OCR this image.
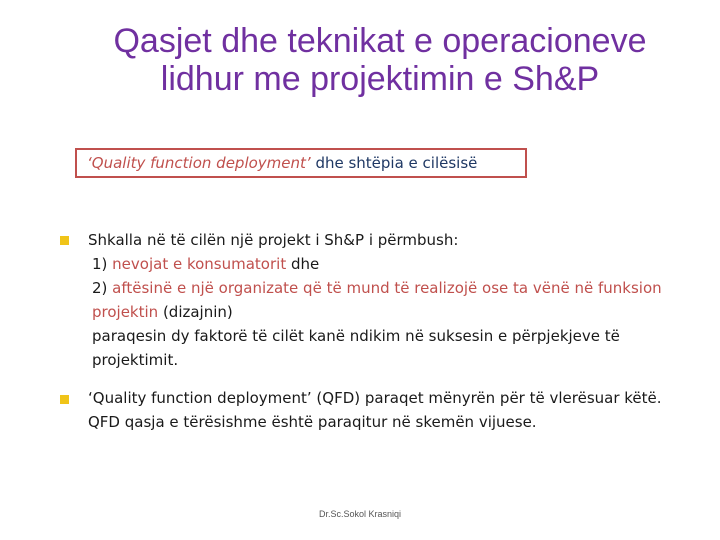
Qasjet dhe teknikat e operacioneve
lidhur me projektimin e Sh&P
‘Quality function deployment’ dhe shtëpia e cilësisë
Shkalla në të cilën një projekt i Sh&P i përmbush:
1) nevojat e konsumatorit dhe
2) aftësinë e një organizate që të mund të realizojë ose ta vënë në funksion projektin (dizajnin)
paraqesin dy faktorë të cilët kanë ndikim në suksesin e përpjekjeve të projektimit.
‘Quality function deployment’ (QFD) paraqet mënyrën për të vlerësuar këtë. QFD qasja e tërësishme është paraqitur në skemën vijuese.
Dr.Sc.Sokol Krasniqi
